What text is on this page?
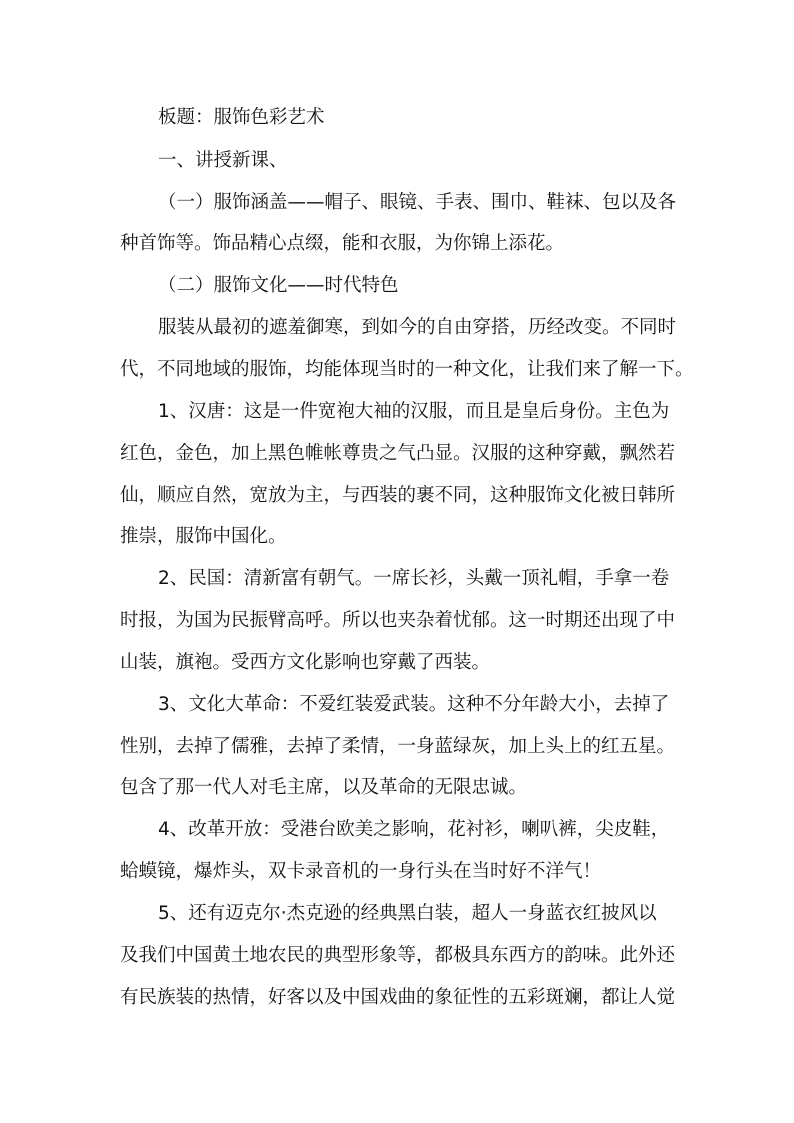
板题：服饰色彩艺术
一、讲授新课、
（一）服饰涵盖——帽子、眼镜、手表、围巾、鞋袜、包以及各
种首饰等。饰品精心点缀，能和衣服，为你锦上添花。
（二）服饰文化——时代特色
服装从最初的遮羞御寒，到如今的自由穿搭，历经改变。不同时
代，不同地域的服饰，均能体现当时的一种文化，让我们来了解一下。
1、汉唐：这是一件宽袍大袖的汉服，而且是皇后身份。主色为
红色，金色，加上黑色帷帐尊贵之气凸显。汉服的这种穿戴，飘然若
仙，顺应自然，宽放为主，与西装的裹不同，这种服饰文化被日韩所
推崇，服饰中国化。
2、民国：清新富有朝气。一席长衫，头戴一顶礼帽，手拿一卷
时报，为国为民振臂高呼。所以也夹杂着忧郁。这一时期还出现了中
山装，旗袍。受西方文化影响也穿戴了西装。
3、文化大革命：不爱红装爱武装。这种不分年龄大小，去掉了
性别，去掉了儒雅，去掉了柔情，一身蓝绿灰，加上头上的红五星。
包含了那一代人对毛主席，以及革命的无限忠诚。
4、改革开放：受港台欧美之影响，花衬衫，喇叭裤，尖皮鞋，
蛤蟆镜，爆炸头，双卡录音机的一身行头在当时好不洋气！
5、还有迈克尔·杰克逊的经典黑白装，超人一身蓝衣红披风以
及我们中国黄土地农民的典型形象等，都极具东西方的韵味。此外还
有民族装的热情，好客以及中国戏曲的象征性的五彩斑斓，都让人觉
